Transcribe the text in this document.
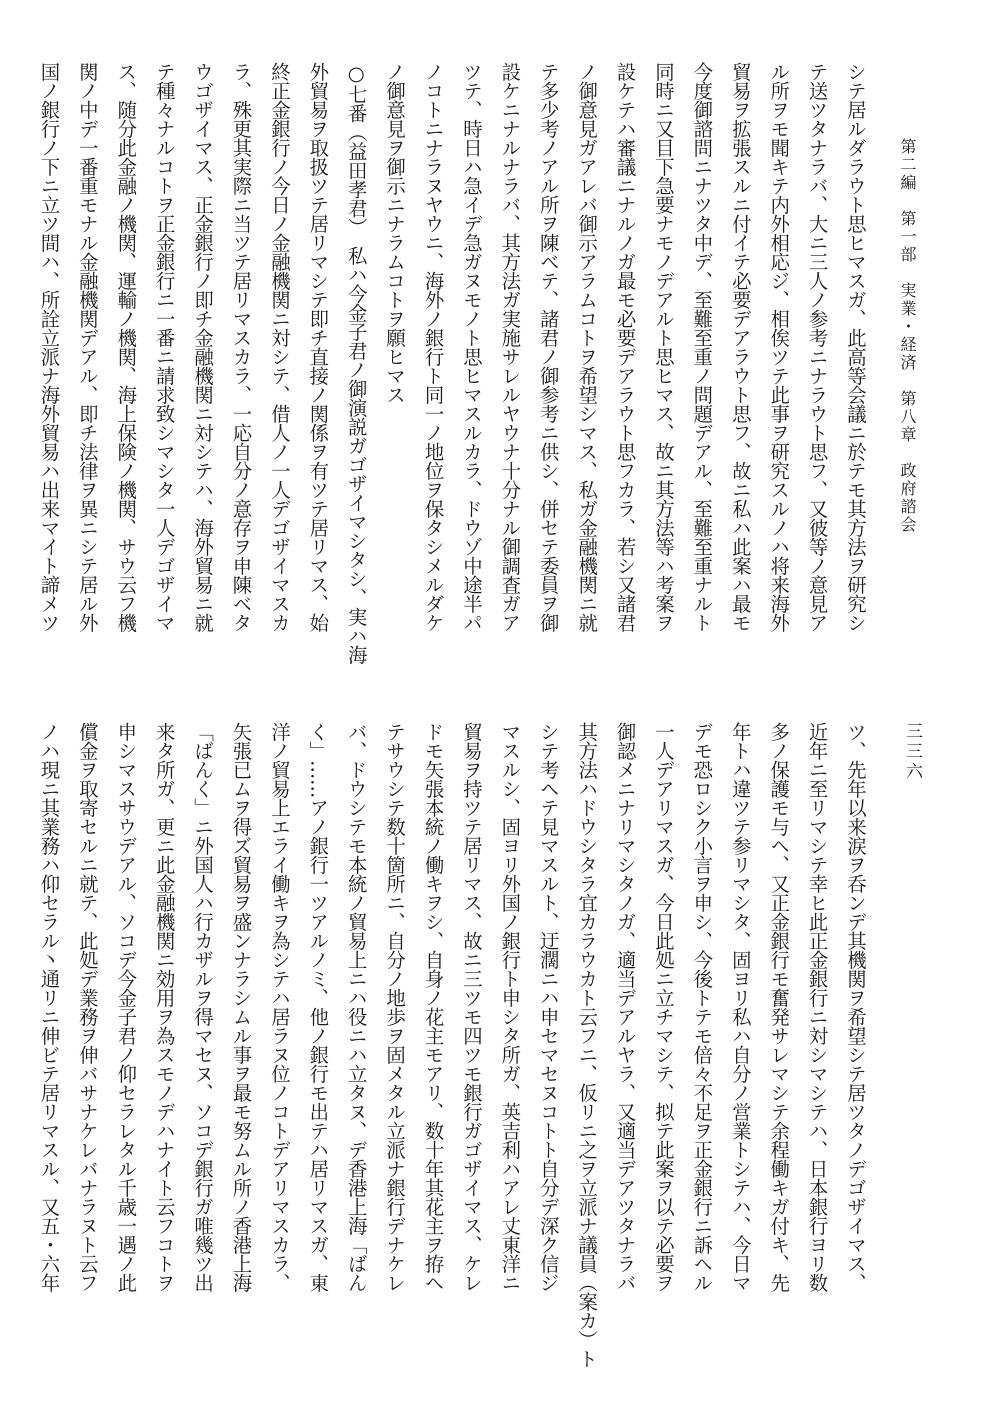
第二編　第一部　実業・経済　第八章　政府諮会
シテ居ルダラウト思ヒマスガ、此高等会議ニ於テモ其方法ヲ研究シ
テ送ツタナラバ、大ニ三人ノ参考ニナラウト思フ、又彼等ノ意見ア
ル所ヲモ聞キテ内外相応ジ、相俟ツテ此事ヲ研究スルノハ将来海外
貿易ヲ拡張スルニ付イテ必要デアラウト思フ、故ニ私ハ此案ハ最モ
今度御諮問ニナツタ中デ、至難至重ノ問題デアル、至難至重ナルト
同時ニ又目下急要ナモノデアルト思ヒマス、故ニ其方法等ハ考案ヲ
設ケテハ審議ニナルノガ最モ必要デアラウト思フカラ、若シ又諸君
ノ御意見ガアレバ御示アラムコトヲ希望シマス、私ガ金融機関ニ就
テ多少考ノアル所ヲ陳ベテ、諸君ノ御参考ニ供シ、併セテ委員ヲ御
設ケニナルナラバ、其方法ガ実施サレルヤウナ十分ナル御調査ガア
ツテ、時日ハ急イデ急ガヌモノト思ヒマスルカラ、ドウゾ中途半パ
ノコトニナラヌヤウニ、海外ノ銀行ト同一ノ地位ヲ保タシメルダケ
ノ御意見ヲ御示ニナラムコトヲ願ヒマス
○七番（益田孝君）　私ハ今金子君ノ御演説ガゴザイマシタシ、実ハ海
外貿易ヲ取扱ツテ居リマシテ即チ直接ノ関係ヲ有ツテ居リマス、始
終正金銀行ノ今日ノ金融機関ニ対シテ、借人ノ一人デゴザイマスカ
ラ、殊更其実際ニ当ツテ居リマスカラ、一応自分ノ意存ヲ申陳ベタ
ウゴザイマス、正金銀行ノ即チ金融機関ニ対シテハ、海外貿易ニ就
テ種々ナルコトヲ正金銀行ニ一番ニ請求致シマシタ一人デゴザイマ
ス、随分此金融ノ機関、運輸ノ機関、海上保険ノ機関、サウ云フ機
関ノ中デ一番重モナル金融機関デアル、即チ法律ヲ異ニシテ居ル外
国ノ銀行ノ下ニ立ツ間ハ、所詮立派ナ海外貿易ハ出来マイト諦メツ
三三六
ツ、先年以来涙ヲ呑ンデ其機関ヲ希望シテ居ツタノデゴザイマス、
近年ニ至リマシテ幸ヒ此正金銀行ニ対シマシテハ、日本銀行ヨリ数
多ノ保護モ与ヘ、又正金銀行モ奮発サレマシテ余程働キガ付キ、先
年トハ違ツテ参リマシタ、固ヨリ私ハ自分ノ営業トシテハ、今日マ
デモ恐ロシク小言ヲ申シ、今後トテモ倍々不足ヲ正金銀行ニ訴ヘル
一人デアリマスガ、今日此処ニ立チマシテ、拟テ此案ヲ以テ必要ヲ
御認メニナリマシタノガ、適当デアルヤラ、又適当デアツタナラバ
其方法ハドウシタラ宜カラウカト云フニ、仮リニ之ヲ立派ナ議員（案カ）ト
シテ考ヘテ見マスルト、迂濶ニハ申セマセヌコトト自分デ深ク信ジ
マスルシ、固ヨリ外国ノ銀行ト申シタ所ガ、英吉利ハアレ丈東洋ニ
貿易ヲ持ツテ居リマス、故ニ三ツモ四ツモ銀行ガゴザイマス、ケレ
ドモ矢張本統ノ働キヲシ、自身ノ花主モアリ、数十年其花主ヲ拵ヘ
テサウシテ数十箇所ニ、自分ノ地歩ヲ固メタル立派ナ銀行デナケレ
バ、ドウシテモ本統ノ貿易上ニハ役ニハ立タヌ、デ香港上海「ばん
く」……アノ銀行一ツアルノミ、他ノ銀行モ出テハ居リマスガ、東
洋ノ貿易上エライ働キヲ為シテハ居ラヌ位ノコトデアリマスカラ、
矢張已ムヲ得ズ貿易ヲ盛ンナラシムル事ヲ最モ努ムル所ノ香港上海
「ばんく」ニ外国人ハ行カザルヲ得マセヌ、ソコデ銀行ガ唯幾ツ出
来タ所ガ、更ニ此金融機関ニ効用ヲ為スモノデハナイト云フコトヲ
申シマスサウデアル、ソコデ今金子君ノ仰セラレタル千歳一遇ノ此
償金ヲ取寄セルニ就テ、此処デ業務ヲ伸バサナケレバナラヌト云フ
ノハ現ニ其業務ハ仰セラル丶通リニ伸ビテ居リマスル、又五・六年
